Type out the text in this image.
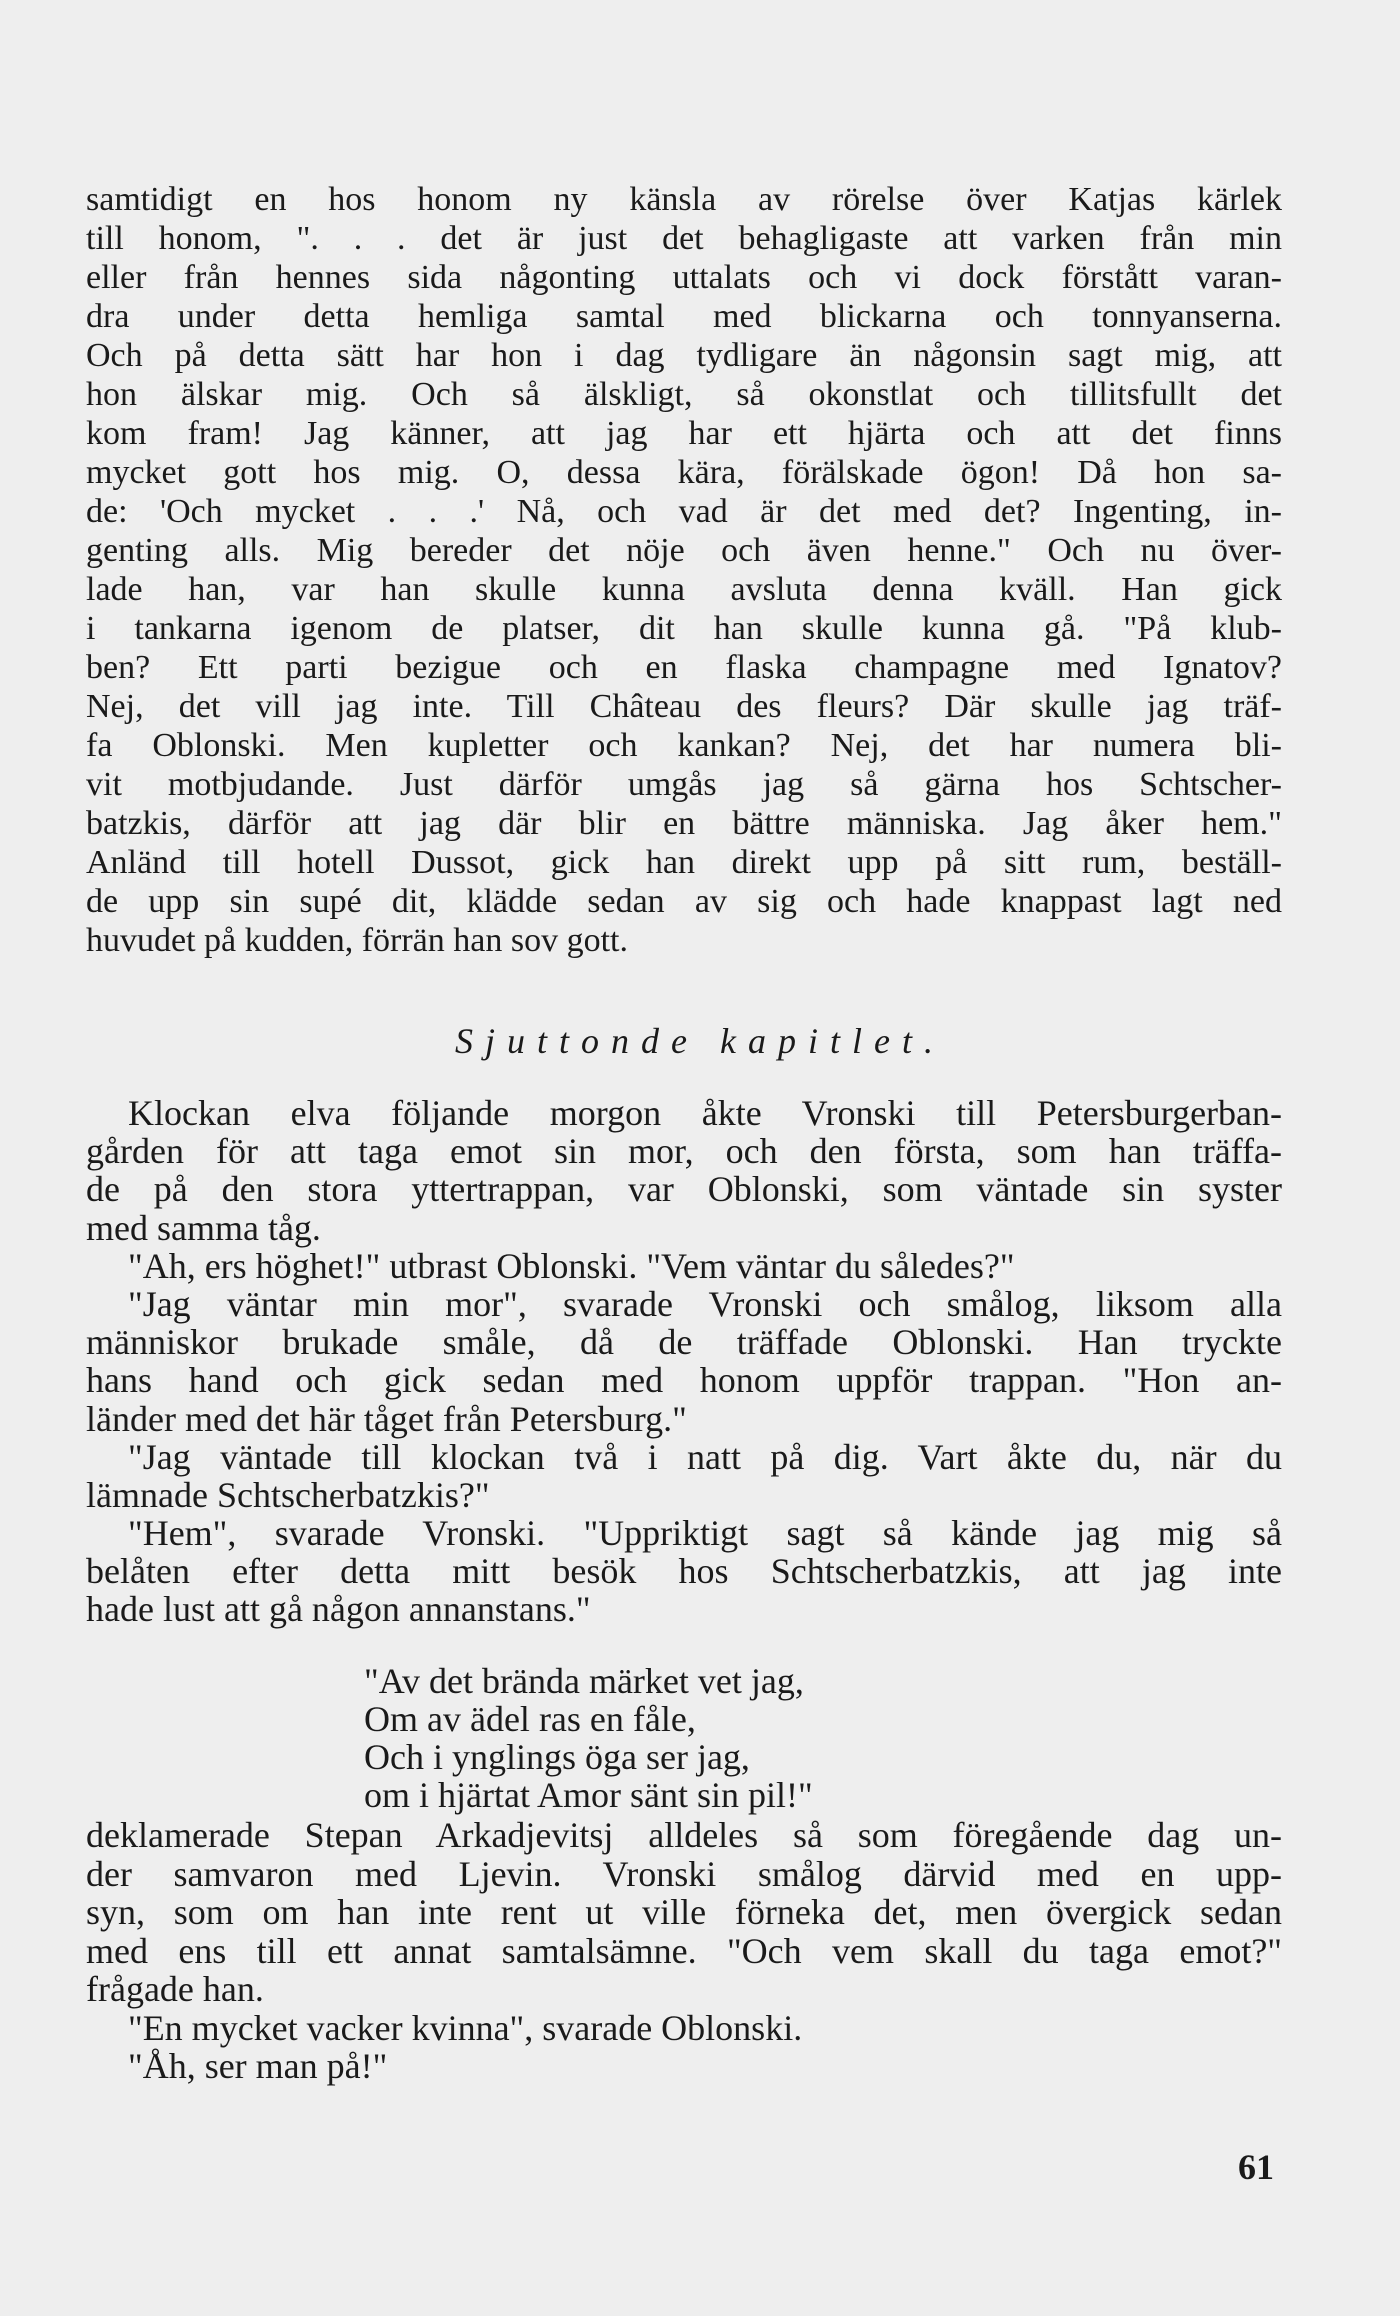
samtidigt en hos honom ny känsla av rörelse över Katjas kärlek
till honom, ". . . det är just det behagligaste att varken från min
eller från hennes sida någonting uttalats och vi dock förstått varan-
dra under detta hemliga samtal med blickarna och tonnyanserna.
Och på detta sätt har hon i dag tydligare än någonsin sagt mig, att
hon älskar mig. Och så älskligt, så okonstlat och tillitsfullt det
kom fram! Jag känner, att jag har ett hjärta och att det finns
mycket gott hos mig. O, dessa kära, förälskade ögon! Då hon sa-
de: 'Och mycket . . .' Nå, och vad är det med det? Ingenting, in-
genting alls. Mig bereder det nöje och även henne." Och nu över-
lade han, var han skulle kunna avsluta denna kväll. Han gick
i tankarna igenom de platser, dit han skulle kunna gå. "På klub-
ben? Ett parti bezigue och en flaska champagne med Ignatov?
Nej, det vill jag inte. Till Château des fleurs? Där skulle jag träf-
fa Oblonski. Men kupletter och kankan? Nej, det har numera bli-
vit motbjudande. Just därför umgås jag så gärna hos Schtscher-
batzkis, därför att jag där blir en bättre människa. Jag åker hem."
Anländ till hotell Dussot, gick han direkt upp på sitt rum, beställ-
de upp sin supé dit, klädde sedan av sig och hade knappast lagt ned
huvudet på kudden, förrän han sov gott.
Sjuttonde kapitlet.
Klockan elva följande morgon åkte Vronski till Petersburgerban-
gården för att taga emot sin mor, och den första, som han träffa-
de på den stora yttertrappan, var Oblonski, som väntade sin syster
med samma tåg.
"Ah, ers höghet!" utbrast Oblonski. "Vem väntar du således?"
"Jag väntar min mor", svarade Vronski och smålog, liksom alla
människor brukade småle, då de träffade Oblonski. Han tryckte
hans hand och gick sedan med honom uppför trappan. "Hon an-
länder med det här tåget från Petersburg."
"Jag väntade till klockan två i natt på dig. Vart åkte du, när du
lämnade Schtscherbatzkis?"
"Hem", svarade Vronski. "Uppriktigt sagt så kände jag mig så
belåten efter detta mitt besök hos Schtscherbatzkis, att jag inte
hade lust att gå någon annanstans."
"Av det brända märket vet jag,
Om av ädel ras en fåle,
Och i ynglings öga ser jag,
om i hjärtat Amor sänt sin pil!"
deklamerade Stepan Arkadjevitsj alldeles så som föregående dag un-
der samvaron med Ljevin. Vronski smålog därvid med en upp-
syn, som om han inte rent ut ville förneka det, men övergick sedan
med ens till ett annat samtalsämne. "Och vem skall du taga emot?"
frågade han.
"En mycket vacker kvinna", svarade Oblonski.
"Åh, ser man på!"
61
